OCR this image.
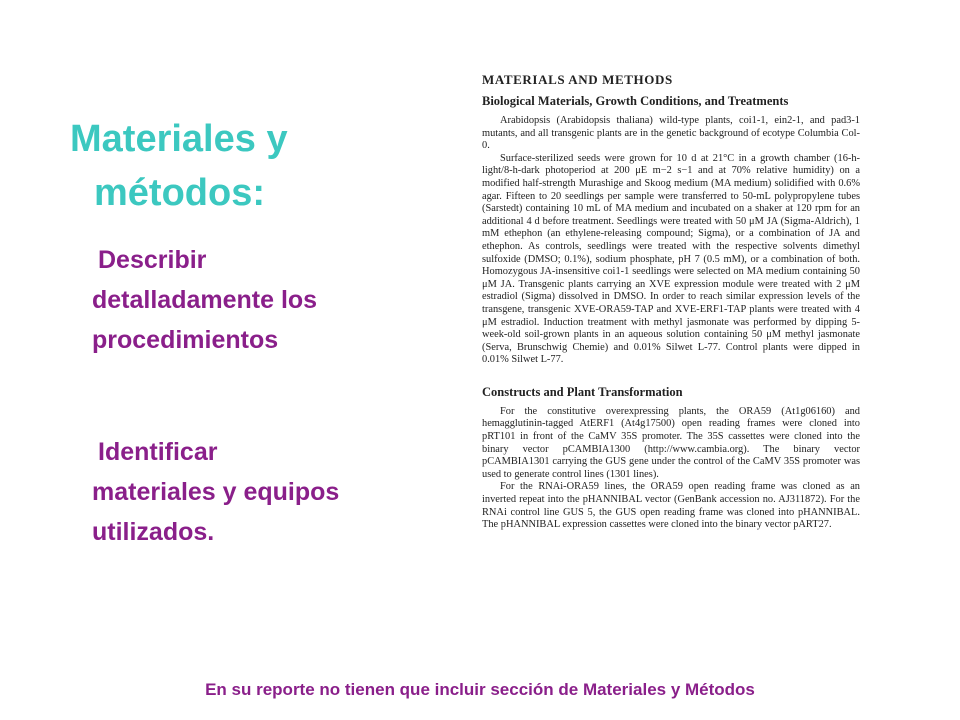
Materiales y
métodos:

Describir
detalladamente los
procedimientos

Identificar
materiales y equipos
utilizados.

MATERIALS AND METHODS
Biological Materials, Growth Conditions, and Treatments

Arabidopsis (Arabidopsis thaliana) wild-type plants, coi1-1, ein2-1, and pad3-1 mutants, and all transgenic plants are in the genetic background of ecotype Columbia Col-0.

Surface-sterilized seeds were grown for 10 d at 21°C in a growth chamber (16-h-light/8-h-dark photoperiod at 200 μE m−2 s−1 and at 70% relative humidity) on a modified half-strength Murashige and Skoog medium (MA medium) solidified with 0.6% agar. Fifteen to 20 seedlings per sample were transferred to 50-mL polypropylene tubes (Sarstedt) containing 10 mL of MA medium and incubated on a shaker at 120 rpm for an additional 4 d before treatment. Seedlings were treated with 50 μM JA (Sigma-Aldrich), 1 mM ethephon (an ethylene-releasing compound; Sigma), or a combination of JA and ethephon. As controls, seedlings were treated with the respective solvents dimethyl sulfoxide (DMSO; 0.1%), sodium phosphate, pH 7 (0.5 mM), or a combination of both. Homozygous JA-insensitive coi1-1 seedlings were selected on MA medium containing 50 μM JA. Transgenic plants carrying an XVE expression module were treated with 2 μM estradiol (Sigma) dissolved in DMSO. In order to reach similar expression levels of the transgene, transgenic XVE-ORA59-TAP and XVE-ERF1-TAP plants were treated with 4 μM estradiol. Induction treatment with methyl jasmonate was performed by dipping 5-week-old soil-grown plants in an aqueous solution containing 50 μM methyl jasmonate (Serva, Brunschwig Chemie) and 0.01% Silwet L-77. Control plants were dipped in 0.01% Silwet L-77.

Constructs and Plant Transformation

For the constitutive overexpressing plants, the ORA59 (At1g06160) and hemagglutinin-tagged AtERF1 (At4g17500) open reading frames were cloned into pRT101 in front of the CaMV 35S promoter. The 35S cassettes were cloned into the binary vector pCAMBIA1300 (http://www.cambia.org). The binary vector pCAMBIA1301 carrying the GUS gene under the control of the CaMV 35S promoter was used to generate control lines (1301 lines).

For the RNAi-ORA59 lines, the ORA59 open reading frame was cloned as an inverted repeat into the pHANNIBAL vector (GenBank accession no. AJ311872). For the RNAi control line GUS 5, the GUS open reading frame was cloned into pHANNIBAL. The pHANNIBAL expression cassettes were cloned into the binary vector pART27.

En su reporte no tienen que incluir sección de Materiales y Métodos
